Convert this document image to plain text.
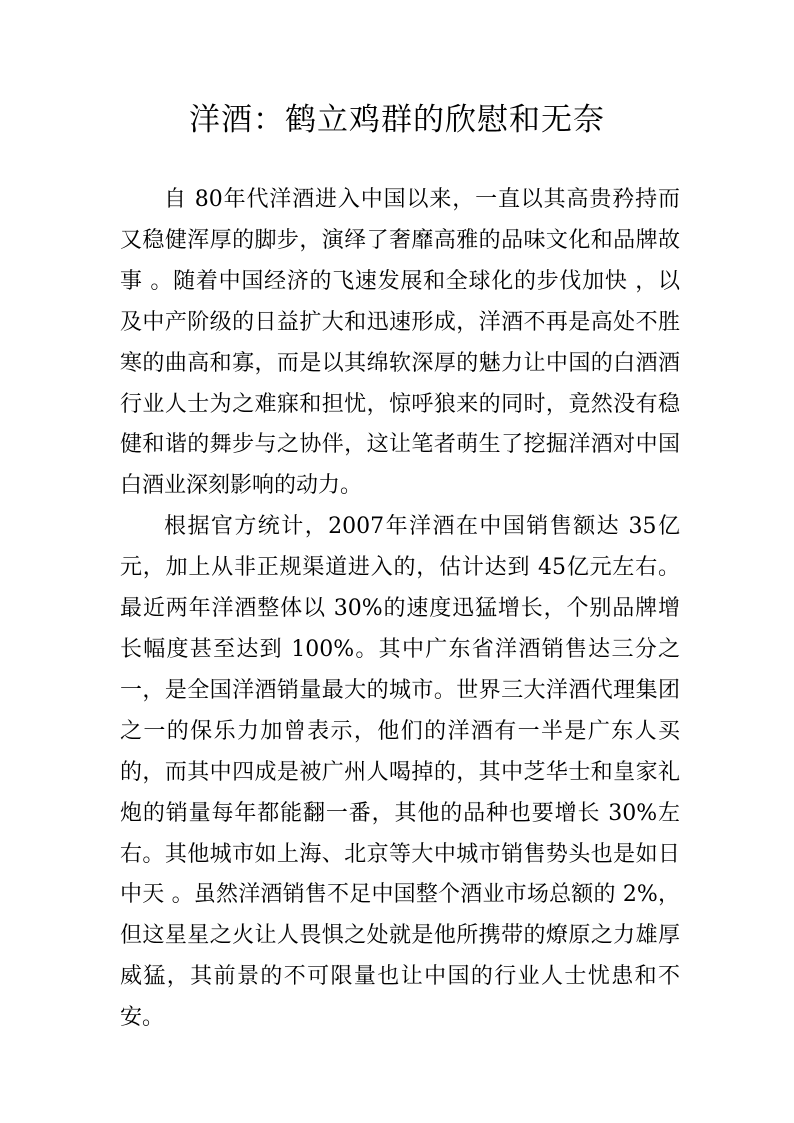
洋酒：鹤立鸡群的欣慰和无奈

自 80年代洋酒进入中国以来，一直以其高贵矜持而又稳健浑厚的脚步，演绎了奢靡高雅的品味文化和品牌故事 。随着中国经济的飞速发展和全球化的步伐加快 ，以及中产阶级的日益扩大和迅速形成，洋酒不再是高处不胜寒的曲高和寡，而是以其绵软深厚的魅力让中国的白酒酒行业人士为之难寐和担忧，惊呼狼来的同时，竟然没有稳健和谐的舞步与之协伴，这让笔者萌生了挖掘洋酒对中国白酒业深刻影响的动力。

根据官方统计，2007年洋酒在中国销售额达 35亿元，加上从非正规渠道进入的，估计达到 45亿元左右。最近两年洋酒整体以 30%的速度迅猛增长，个别品牌增长幅度甚至达到 100%。其中广东省洋酒销售达三分之一，是全国洋酒销量最大的城市。世界三大洋酒代理集团之一的保乐力加曾表示，他们的洋酒有一半是广东人买的，而其中四成是被广州人喝掉的，其中芝华士和皇家礼炮的销量每年都能翻一番，其他的品种也要增长 30%左右。其他城市如上海、北京等大中城市销售势头也是如日中天 。虽然洋酒销售不足中国整个酒业市场总额的 2%，但这星星之火让人畏惧之处就是他所携带的燎原之力雄厚威猛，其前景的不可限量也让中国的行业人士忧患和不安。
